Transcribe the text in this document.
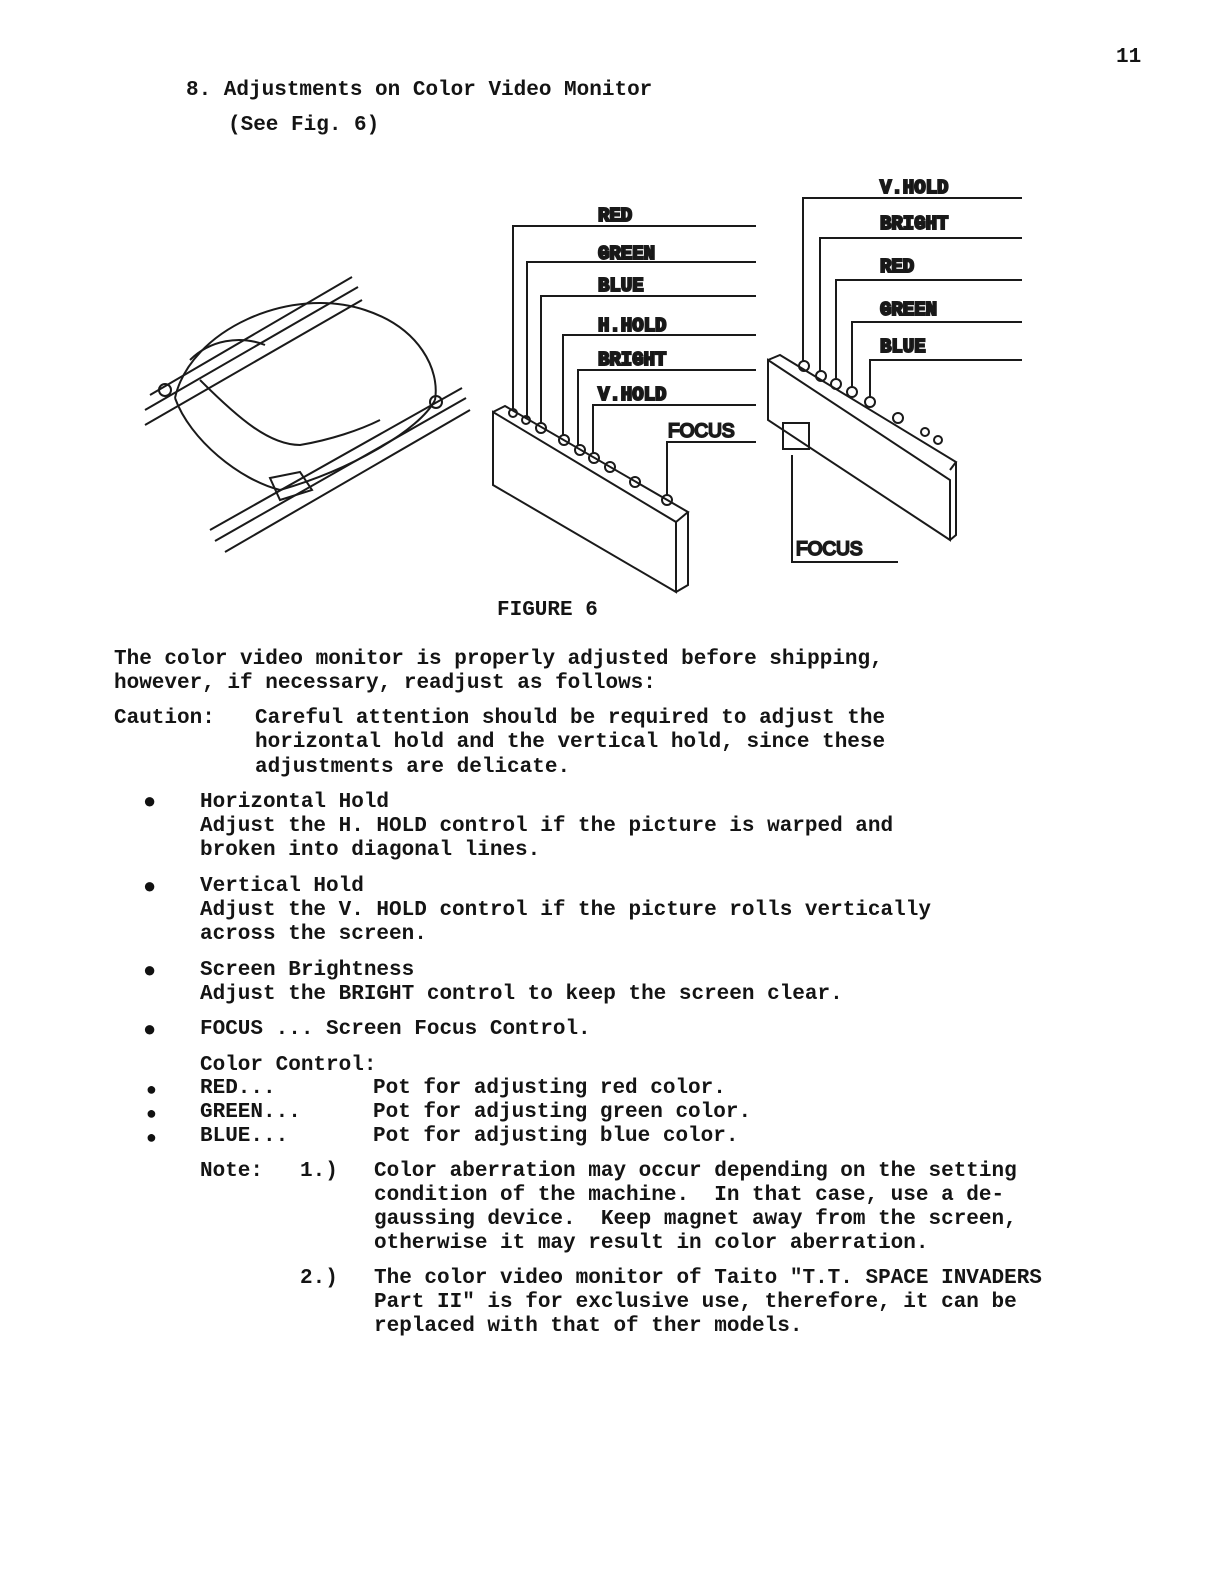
11
8. Adjustments on Color Video Monitor
(See Fig. 6)
RED
GREEN
BLUE
H.HOLD
BRIGHT
V.HOLD
FOCUS
V.HOLD
BRIGHT
RED
GREEN
BLUE
FOCUS
FIGURE 6
The color video monitor is properly adjusted before shipping,
however, if necessary, readjust as follows:
Caution: Careful attention should be required to adjust the
horizontal hold and the vertical hold, since these
adjustments are delicate.
● Horizontal Hold
Adjust the H. HOLD control if the picture is warped and
broken into diagonal lines.
● Vertical Hold
Adjust the V. HOLD control if the picture rolls vertically
across the screen.
● Screen Brightness
Adjust the BRIGHT control to keep the screen clear.
● FOCUS ... Screen Focus Control.
Color Control:
● RED...	Pot for adjusting red color.
● GREEN...	Pot for adjusting green color.
● BLUE...	Pot for adjusting blue color.
Note: 1.) Color aberration may occur depending on the setting
condition of the machine.  In that case, use a de-
gaussing device.  Keep magnet away from the screen,
otherwise it may result in color aberration.
2.) The color video monitor of Taito "T.T. SPACE INVADERS
Part II" is for exclusive use, therefore, it can be
replaced with that of ther models.
